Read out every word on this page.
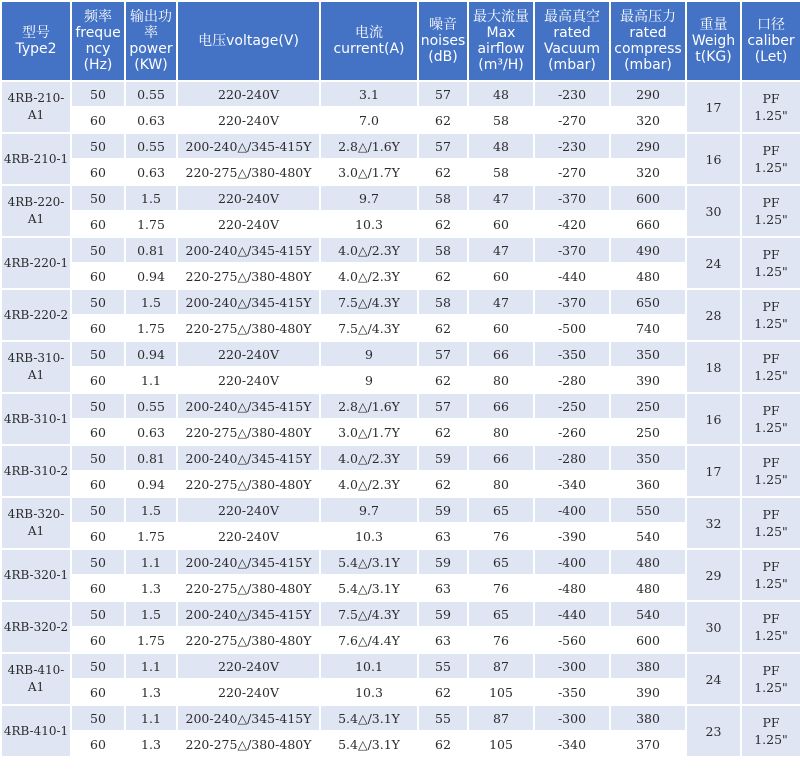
型号
Type2	频率
freque
ncy
(Hz)	输出功
率
power
(KW)	电压voltage(V)	电流
current(A)	噪音
noises
(dB)	最大流量
Max
airflow
(m³/H)	最高真空
rated
Vacuum
(mbar)	最高压力
rated
compress
(mbar)	重量
Weigh
t(KG)	口径
caliber
(Let)
4RB-210-
A1	50	0.55	220-240V	3.1	57	48	-230	290	17	PF
1.25"
	60	0.63	220-240V	7.0	62	58	-270	320		
4RB-210-1	50	0.55	200-240△/345-415Y	2.8△/1.6Y	57	48	-230	290	16	PF
1.25"
	60	0.63	220-275△/380-480Y	3.0△/1.7Y	62	58	-270	320		
4RB-220-
A1	50	1.5	220-240V	9.7	58	47	-370	600	30	PF
1.25"
	60	1.75	220-240V	10.3	62	60	-420	660		
4RB-220-1	50	0.81	200-240△/345-415Y	4.0△/2.3Y	58	47	-370	490	24	PF
1.25"
	60	0.94	220-275△/380-480Y	4.0△/2.3Y	62	60	-440	480		
4RB-220-2	50	1.5	200-240△/345-415Y	7.5△/4.3Y	58	47	-370	650	28	PF
1.25"
	60	1.75	220-275△/380-480Y	7.5△/4.3Y	62	60	-500	740		
4RB-310-
A1	50	0.94	220-240V	9	57	66	-350	350	18	PF
1.25"
	60	1.1	220-240V	9	62	80	-280	390		
4RB-310-1	50	0.55	200-240△/345-415Y	2.8△/1.6Y	57	66	-250	250	16	PF
1.25"
	60	0.63	220-275△/380-480Y	3.0△/1.7Y	62	80	-260	250		
4RB-310-2	50	0.81	200-240△/345-415Y	4.0△/2.3Y	59	66	-280	350	17	PF
1.25"
	60	0.94	220-275△/380-480Y	4.0△/2.3Y	62	80	-340	360		
4RB-320-
A1	50	1.5	220-240V	9.7	59	65	-400	550	32	PF
1.25"
	60	1.75	220-240V	10.3	63	76	-390	540		
4RB-320-1	50	1.1	200-240△/345-415Y	5.4△/3.1Y	59	65	-400	480	29	PF
1.25"
	60	1.3	220-275△/380-480Y	5.4△/3.1Y	63	76	-480	480		
4RB-320-2	50	1.5	200-240△/345-415Y	7.5△/4.3Y	59	65	-440	540	30	PF
1.25"
	60	1.75	220-275△/380-480Y	7.6△/4.4Y	63	76	-560	600		
4RB-410-
A1	50	1.1	220-240V	10.1	55	87	-300	380	24	PF
1.25"
	60	1.3	220-240V	10.3	62	105	-350	390		
4RB-410-1	50	1.1	200-240△/345-415Y	5.4△/3.1Y	55	87	-300	380	23	PF
1.25"
	60	1.3	220-275△/380-480Y	5.4△/3.1Y	62	105	-340	370		
